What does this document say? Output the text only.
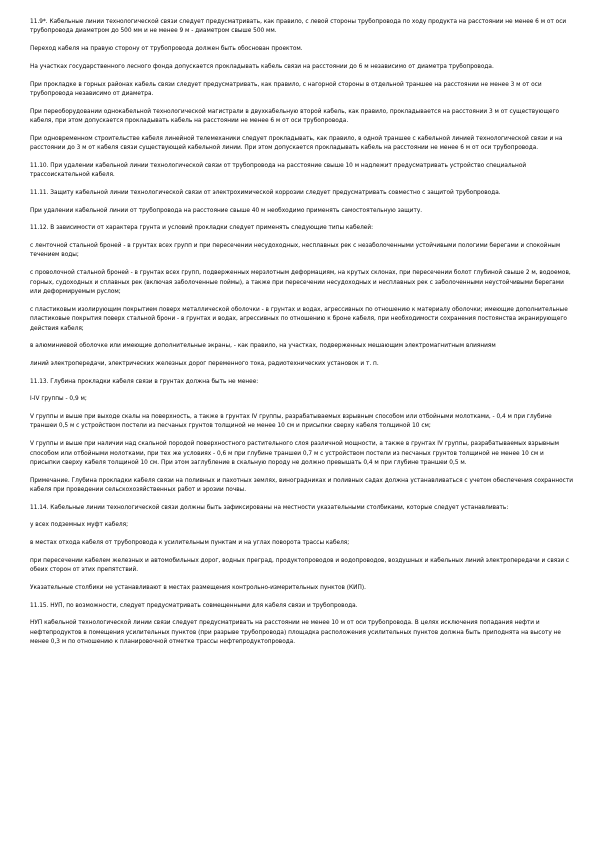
11.9*. Кабельные линии технологической связи следует предусматривать, как правило, с левой стороны трубопровода по ходу продукта на расстоянии не менее 6 м от оси трубопровода диаметром до 500 мм и не менее 9 м - диаметром свыше 500 мм.

Переход кабеля на правую сторону от трубопровода должен быть обоснован проектом.

На участках государственного лесного фонда допускается прокладывать кабель связи на расстоянии до 6 м независимо от диаметра трубопровода.

При прокладке в горных районах кабель связи следует предусматривать, как правило, с нагорной стороны в отдельной траншее на расстоянии не менее 3 м от оси трубопровода независимо от диаметра.

При переоборудовании однокабельной технологической магистрали в двухкабельную второй кабель, как правило, прокладывается на расстоянии 3 м от существующего кабеля, при этом допускается прокладывать кабель на расстоянии не менее 6 м от оси трубопровода.

При одновременном строительстве кабеля линейной телемеханики следует прокладывать, как правило, в одной траншее с кабельной линией технологической связи и на расстоянии до 3 м от кабеля связи существующей кабельной линии. При этом допускается прокладывать кабель на расстоянии не менее 6 м от оси трубопровода.

11.10. При удалении кабельной линии технологической связи от трубопровода на расстояние свыше 10 м надлежит предусматривать устройство специальной трассоискательной кабеля.

11.11. Защиту кабельной линии технологической связи от электрохимической коррозии следует предусматривать совместно с защитой трубопровода.

При удалении кабельной линии от трубопровода на расстояние свыше 40 м необходимо применять самостоятельную защиту.

11.12. В зависимости от характера грунта и условий прокладки следует применять следующие типы кабелей:

с ленточной стальной броней - в грунтах всех групп и при пересечении несудоходных, несплавных рек с незаболоченными устойчивыми пологими берегами и спокойным течением воды;

с проволочной стальной броней - в грунтах всех групп, подверженных мерзлотным деформациям, на крутых склонах, при пересечении болот глубиной свыше 2 м, водоемов, горных, судоходных и сплавных рек (включая заболоченные поймы), а также при пересечении несудоходных и несплавных рек с заболоченными неустойчивыми берегами или деформируемым руслом;

с пластиковым изолирующим покрытием поверх металлической оболочки - в грунтах и водах, агрессивных по отношению к материалу оболочки; имеющие дополнительные пластиковые покрытия поверх стальной брони - в грунтах и водах, агрессивных по отношению к броне кабеля, при необходимости сохранения постоянства экранирующего действия кабеля;

в алюминиевой оболочке или имеющие дополнительные экраны, - как правило, на участках, подверженных мешающим электромагнитным влияниям

линий электропередачи, электрических железных дорог переменного тока, радиотехнических установок и т. п.

11.13. Глубина прокладки кабеля связи в грунтах должна быть не менее:

I-IV группы - 0,9 м;

V группы и выше при выходе скалы на поверхность, а также в грунтах IV группы, разрабатываемых взрывным способом или отбойными молотками, - 0,4 м при глубине траншеи 0,5 м с устройством постели из песчаных грунтов толщиной не менее 10 см и присыпки сверху кабеля толщиной 10 см;

V группы и выше при наличии над скальной породой поверхностного растительного слоя различной мощности, а также в грунтах IV группы, разрабатываемых взрывным способом или отбойными молотками, при тех же условиях - 0,6 м при глубине траншеи 0,7 м с устройством постели из песчаных грунтов толщиной не менее 10 см и присыпки сверху кабеля толщиной 10 см. При этом заглубление в скальную породу не должно превышать 0,4 м при глубине траншеи 0,5 м.

Примечание. Глубина прокладки кабеля связи на поливных и пахотных землях, виноградниках и поливных садах должна устанавливаться с учетом обеспечения сохранности кабеля при проведении сельскохозяйственных работ и эрозии почвы.

11.14. Кабельные линии технологической связи должны быть зафиксированы на местности указательными столбиками, которые следует устанавливать:

у всех подземных муфт кабеля;

в местах отхода кабеля от трубопровода к усилительным пунктам и на углах поворота трассы кабеля;

при пересечении кабелем железных и автомобильных дорог, водных преград, продуктопроводов и водопроводов, воздушных и кабельных линий электропередачи и связи с обеих сторон от этих препятствий.

Указательные столбики не устанавливают в местах размещения контрольно-измерительных пунктов (КИП).

11.15. НУП, по возможности, следует предусматривать совмещенными для кабеля связи и трубопровода.

НУП кабельной технологической линии связи следует предусматривать на расстоянии не менее 10 м от оси трубопровода. В целях исключения попадания нефти и нефтепродуктов в помещения усилительных пунктов (при разрыве трубопровода) площадка расположения усилительных пунктов должна быть приподнята на высоту не менее 0,3 м по отношению к планировочной отметке трассы нефтепродуктопровода.
